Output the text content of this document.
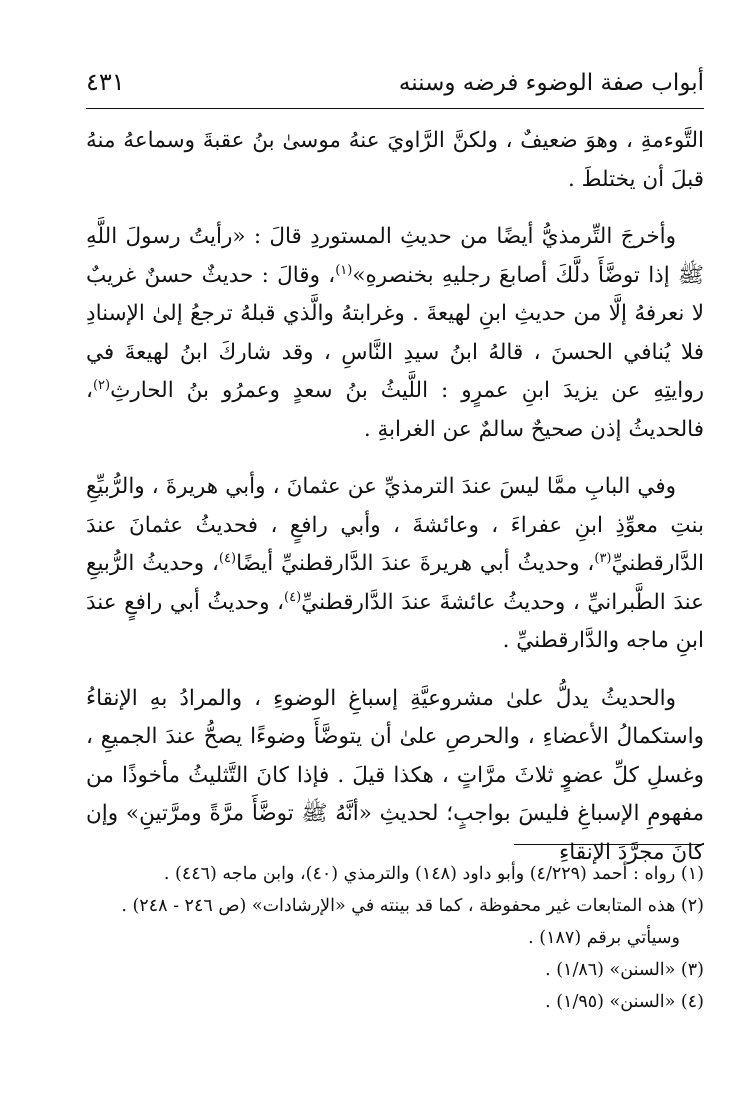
أبواب صفة الوضوء فرضه وسننه
٤٣١

التَّوءمةِ ، وهوَ ضعيفٌ ، ولكنَّ الرَّاويَ عنهُ موسىٰ بنُ عقبةَ وسماعهُ منهُ قبلَ أن يختلطَ .

وأخرجَ التِّرمذيُّ أيضًا من حديثِ المستوردِ قالَ : «رأيتُ رسولَ اللَّهِ ﷺ إذا توضَّأَ دلَّكَ أصابعَ رجليهِ بخنصرهِ»$^{(١)}$، وقالَ : حديثٌ حسنٌ غريبٌ لا نعرفهُ إلَّا من حديثِ ابنِ لهيعةَ . وغرابتهُ والَّذي قبلهُ ترجعُ إلىٰ الإسنادِ فلا يُنافي الحسنَ ، قالهُ ابنُ سيدِ النَّاسِ ، وقد شاركَ ابنُ لهيعةَ في روايتِهِ عن يزيدَ ابنِ عمرٍو : اللَّيثُ بنُ سعدٍ وعمرُو بنُ الحارثِ$^{(٢)}$، فالحديثُ إذن صحيحٌ سالمٌ عن الغرابةِ .

وفي البابِ ممَّا ليسَ عندَ الترمذيِّ عن عثمانَ ، وأبي هريرةَ ، والرُّبيِّعِ بنتِ معوِّذِ ابنِ عفراءَ ، وعائشةَ ، وأبي رافعٍ ، فحديثُ عثمانَ عندَ الدَّارقطنيِّ$^{(٣)}$، وحديثُ أبي هريرةَ عندَ الدَّارقطنيِّ أيضًا$^{(٤)}$، وحديثُ الرُّبيعِ عندَ الطَّبرانيِّ ، وحديثُ عائشةَ عندَ الدَّارقطنيِّ$^{(٤)}$، وحديثُ أبي رافعٍ عندَ ابنِ ماجه والدَّارقطنيِّ .

والحديثُ يدلُّ علىٰ مشروعيَّةِ إسباغِ الوضوءِ ، والمرادُ بهِ الإنقاءُ واستكمالُ الأعضاءِ ، والحرصِ علىٰ أن يتوضَّأَ وضوءًا يصحُّ عندَ الجميعِ ، وغسلِ كلِّ عضوٍ ثلاثَ مرَّاتٍ ، هكذا قيلَ . فإذا كانَ التَّثليثُ مأخوذًا من مفهومِ الإسباغِ فليسَ بواجبٍ؛ لحديثِ «أنَّهُ ﷺ توضَّأَ مرَّةً ومرَّتينِ» وإن كانَ مجرَّدَ الإنقاءِ

(١) رواه : أحمد (٤/٢٢٩) وأبو داود (١٤٨) والترمذي (٤٠)، وابن ماجه (٤٤٦) .

(٢) هذه المتابعات غير محفوظة ، كما قد بينته في «الإرشادات» (ص ٢٤٦ - ٢٤٨) .

وسيأتي برقم (١٨٧) .

(٣) «السنن» (١/٨٦) .

(٤) «السنن» (١/٩٥) .
